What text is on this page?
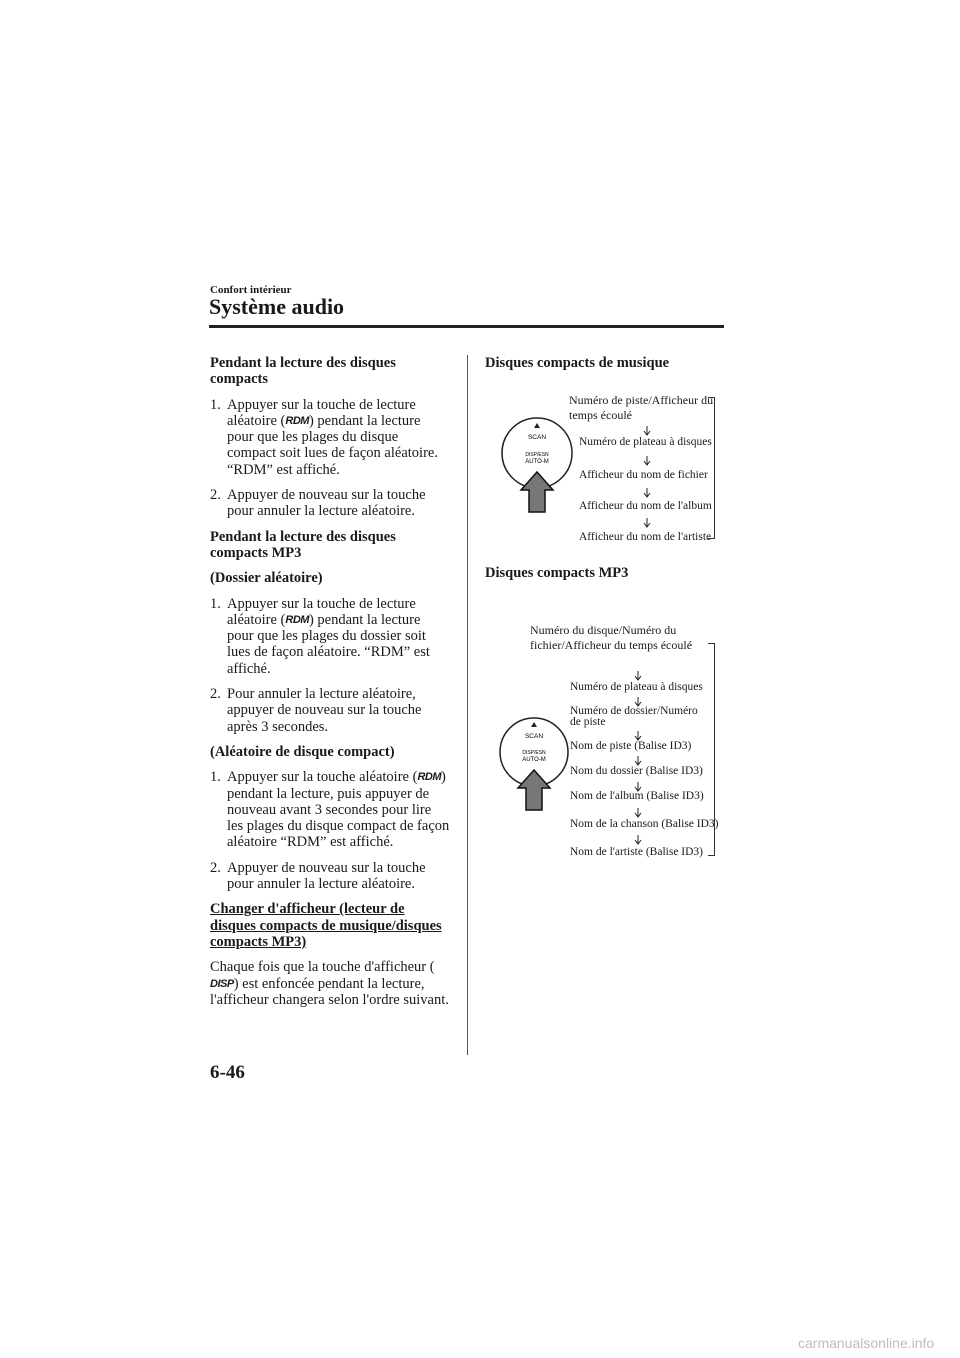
Confort intérieur
Système audio

Pendant la lecture des disques compacts

1. Appuyer sur la touche de lecture aléatoire (RDM) pendant la lecture pour que les plages du disque compact soit lues de façon aléatoire. “RDM” est affiché.
2. Appuyer de nouveau sur la touche pour annuler la lecture aléatoire.

Pendant la lecture des disques compacts MP3

(Dossier aléatoire)

1. Appuyer sur la touche de lecture aléatoire (RDM) pendant la lecture pour que les plages du dossier soit lues de façon aléatoire. “RDM” est affiché.
2. Pour annuler la lecture aléatoire, appuyer de nouveau sur la touche après 3 secondes.

(Aléatoire de disque compact)

1. Appuyer sur la touche aléatoire (RDM) pendant la lecture, puis appuyer de nouveau avant 3 secondes pour lire les plages du disque compact de façon aléatoire “RDM” est affiché.
2. Appuyer de nouveau sur la touche pour annuler la lecture aléatoire.

Changer d'afficheur (lecteur de disques compacts de musique/disques compacts MP3)

Chaque fois que la touche d'afficheur (DISP) est enfoncée pendant la lecture, l'afficheur changera selon l'ordre suivant.

Disques compacts de musique
SCAN
DISP/ESN
AUTO-M
Numéro de piste/Afficheur du temps écoulé
Numéro de plateau à disques
Afficheur du nom de fichier
Afficheur du nom de l'album
Afficheur du nom de l'artiste
Disques compacts MP3
Numéro du disque/Numéro du fichier/Afficheur du temps écoulé
SCAN
DISP/ESN
AUTO-M
Numéro de plateau à disques
Numéro de dossier/Numéro de piste
Nom de piste (Balise ID3)
Nom du dossier (Balise ID3)
Nom de l'album (Balise ID3)
Nom de la chanson (Balise ID3)
Nom de l'artiste (Balise ID3)
6-46
carmanualsonline.info
